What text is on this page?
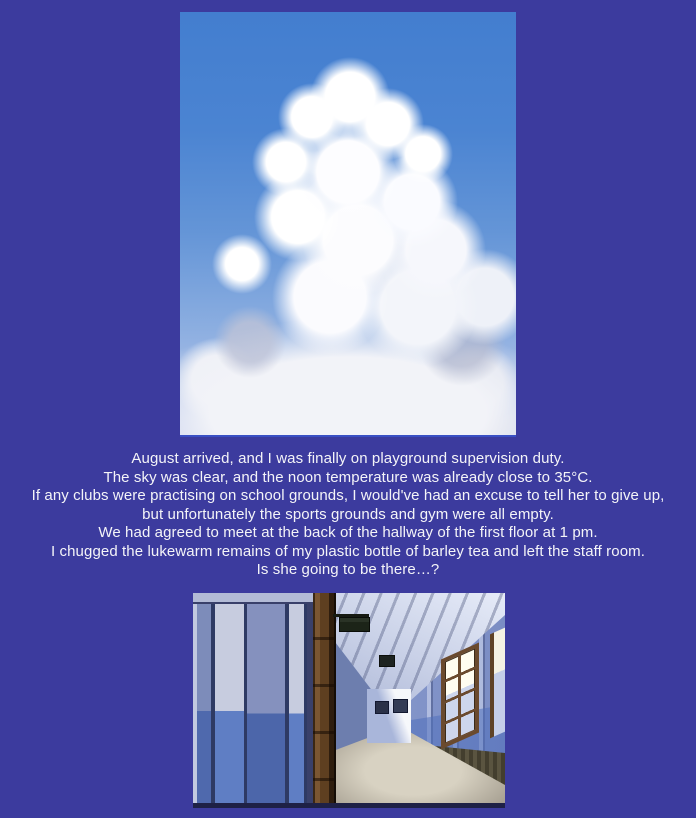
August arrived, and I was finally on playground supervision duty.
The sky was clear, and the noon temperature was already close to 35°C.
If any clubs were practising on school grounds, I would've had an excuse to tell her to give up,
but unfortunately the sports grounds and gym were all empty.
We had agreed to meet at the back of the hallway of the first floor at 1 pm.
I chugged the lukewarm remains of my plastic bottle of barley tea and left the staff room.
Is she going to be there…?
